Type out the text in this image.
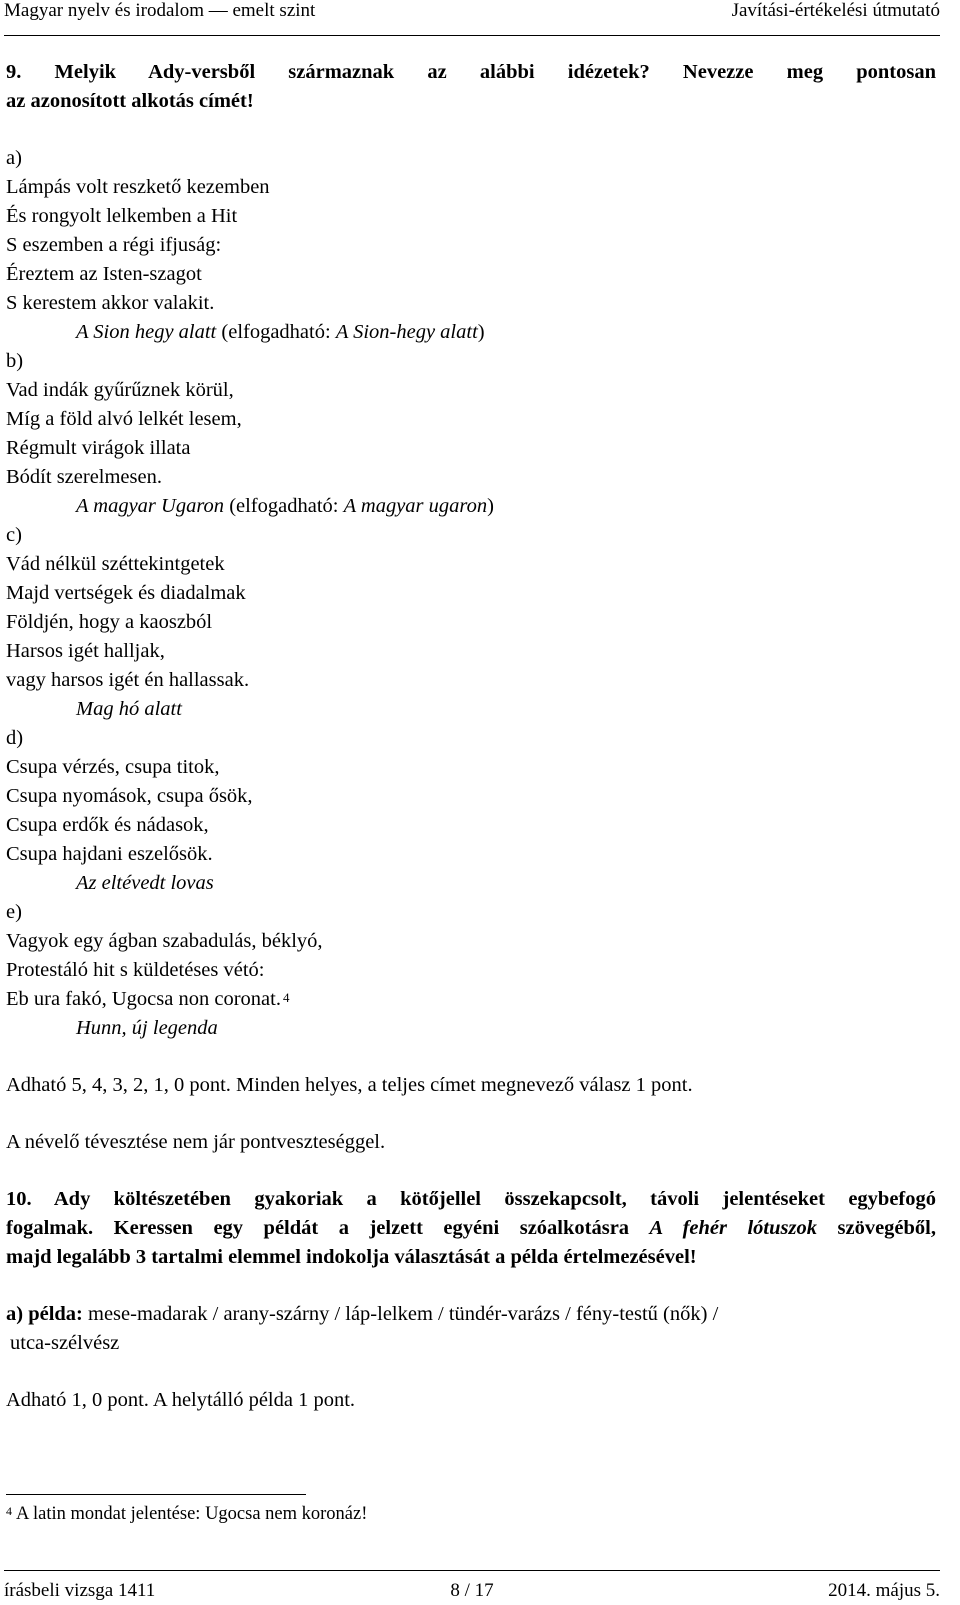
Magyar nyelv és irodalom — emelt szint	Javítási-értékelési útmutató
9. Melyik Ady-versből származnak az alábbi idézetek? Nevezze meg pontosan
az azonosított alkotás címét!
a)
Lámpás volt reszkető kezemben
És rongyolt lelkemben a Hit
S eszemben a régi ifjuság:
Éreztem az Isten-szagot
S kerestem akkor valakit.
A Sion hegy alatt (elfogadható: A Sion-hegy alatt)
b)
Vad indák gyűrűznek körül,
Míg a föld alvó lelkét lesem,
Régmult virágok illata
Bódít szerelmesen.
A magyar Ugaron (elfogadható: A magyar ugaron)
c)
Vád nélkül széttekintgetek
Majd vertségek és diadalmak
Földjén, hogy a kaoszból
Harsos igét halljak,
vagy harsos igét én hallassak.
Mag hó alatt
d)
Csupa vérzés, csupa titok,
Csupa nyomások, csupa ősök,
Csupa erdők és nádasok,
Csupa hajdani eszelősök.
Az eltévedt lovas
e)
Vagyok egy ágban szabadulás, béklyó,
Protestáló hit s küldetéses vétó:
Eb ura fakó, Ugocsa non coronat. $^4$
Hunn, új legenda
Adható 5, 4, 3, 2, 1, 0 pont. Minden helyes, a teljes címet megnevező válasz 1 pont.
A névelő tévesztése nem jár pontveszteséggel.
10. Ady költészetében gyakoriak a kötőjellel összekapcsolt, távoli jelentéseket egybefogó
fogalmak. Keressen egy példát a jelzett egyéni szóalkotásra A fehér lótuszok szövegéből,
majd legalább 3 tartalmi elemmel indokolja választását a példa értelmezésével!
a) példa: mese-madarak / arany-szárny / láp-lelkem / tündér-varázs / fény-testű (nők) /
utca-szélvész
Adható 1, 0 pont. A helytálló példa 1 pont.
$^4$ A latin mondat jelentése: Ugocsa nem koronáz!
írásbeli vizsga 1411	8 / 17	2014. május 5.
